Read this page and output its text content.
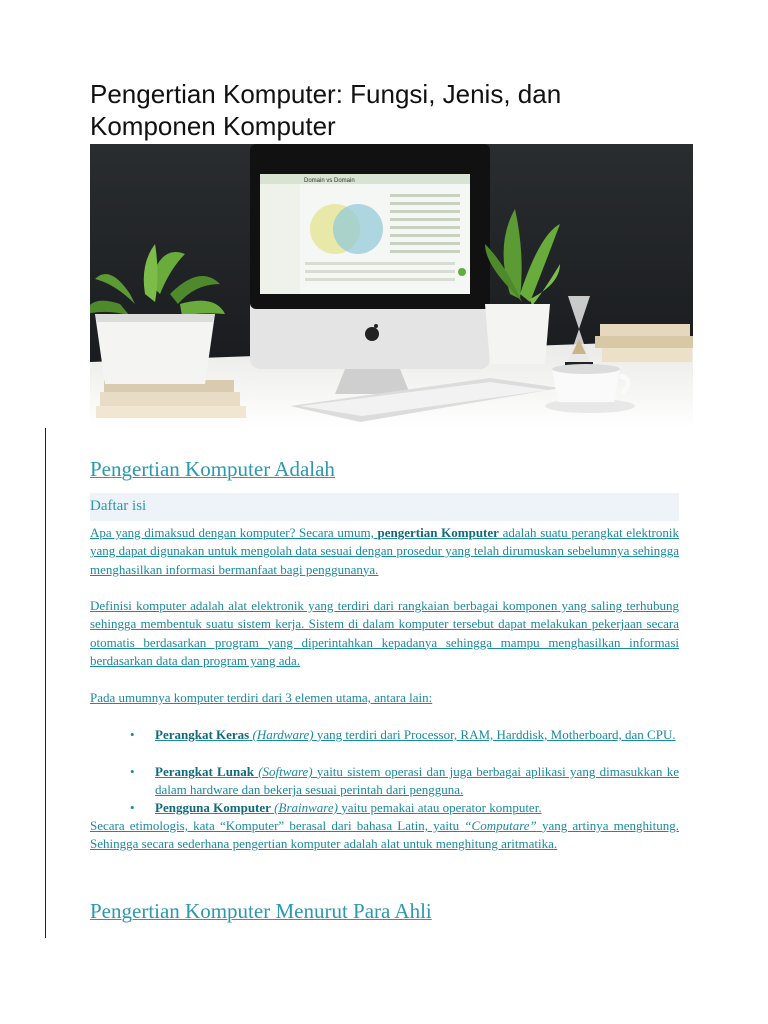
Pengertian Komputer: Fungsi, Jenis, dan Komponen Komputer
Domain vs Domain
Pengertian Komputer Adalah
Daftar isi

Apa yang dimaksud dengan komputer? Secara umum, pengertian Komputer adalah suatu perangkat elektronik yang dapat digunakan untuk mengolah data sesuai dengan prosedur yang telah dirumuskan sebelumnya sehingga menghasilkan informasi bermanfaat bagi penggunanya.

Definisi komputer adalah alat elektronik yang terdiri dari rangkaian berbagai komponen yang saling terhubung sehingga membentuk suatu sistem kerja. Sistem di dalam komputer tersebut dapat melakukan pekerjaan secara otomatis berdasarkan program yang diperintahkan kepadanya sehingga mampu menghasilkan informasi berdasarkan data dan program yang ada.

Pada umumnya komputer terdiri dari 3 elemen utama, antara lain:

•	Perangkat Keras (Hardware) yang terdiri dari Processor, RAM, Harddisk, Motherboard, dan CPU.
•	Perangkat Lunak (Software) yaitu sistem operasi dan juga berbagai aplikasi yang dimasukkan ke dalam hardware dan bekerja sesuai perintah dari pengguna.
•	Pengguna Komputer (Brainware) yaitu pemakai atau operator komputer.

Secara etimologis, kata “Komputer” berasal dari bahasa Latin, yaitu “Computare” yang artinya menghitung. Sehingga secara sederhana pengertian komputer adalah alat untuk menghitung aritmatika.

Pengertian Komputer Menurut Para Ahli
